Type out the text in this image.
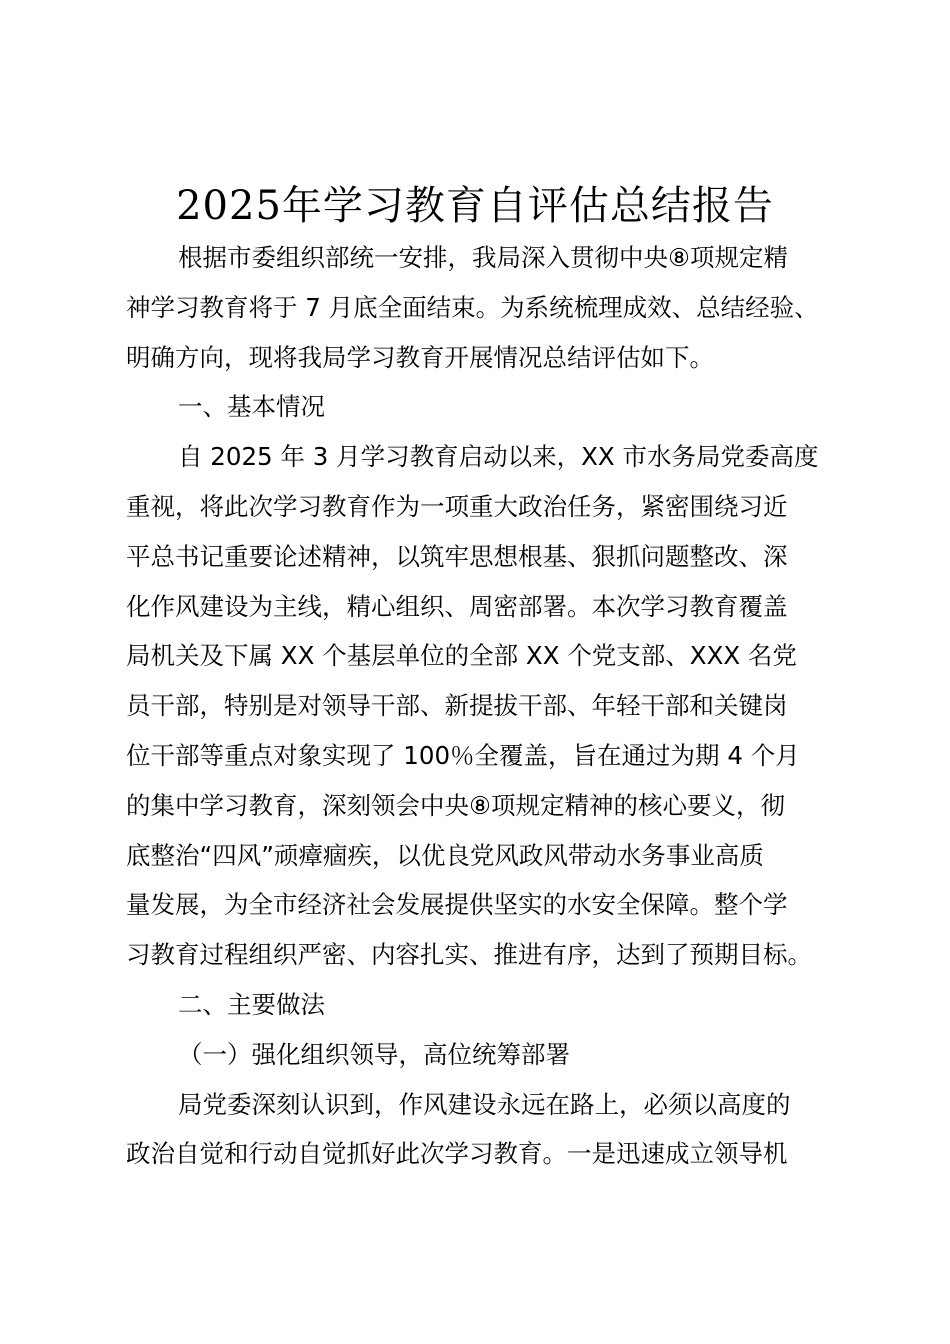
2025年学习教育自评估总结报告
根据市委组织部统一安排，我局深入贯彻中央⑧项规定精
神学习教育将于 7 月底全面结束。为系统梳理成效、总结经验、
明确方向，现将我局学习教育开展情况总结评估如下。
一、基本情况
自 2025 年 3 月学习教育启动以来，XX 市水务局党委高度
重视，将此次学习教育作为一项重大政治任务，紧密围绕习近
平总书记重要论述精神，以筑牢思想根基、狠抓问题整改、深
化作风建设为主线，精心组织、周密部署。本次学习教育覆盖
局机关及下属 XX 个基层单位的全部 XX 个党支部、XXX 名党
员干部，特别是对领导干部、新提拔干部、年轻干部和关键岗
位干部等重点对象实现了 100％全覆盖，旨在通过为期 4 个月
的集中学习教育，深刻领会中央⑧项规定精神的核心要义，彻
底整治“四风”顽瘴痼疾，以优良党风政风带动水务事业高质
量发展，为全市经济社会发展提供坚实的水安全保障。整个学
习教育过程组织严密、内容扎实、推进有序，达到了预期目标。
二、主要做法
（一）强化组织领导，高位统筹部署
局党委深刻认识到，作风建设永远在路上，必须以高度的
政治自觉和行动自觉抓好此次学习教育。一是迅速成立领导机
